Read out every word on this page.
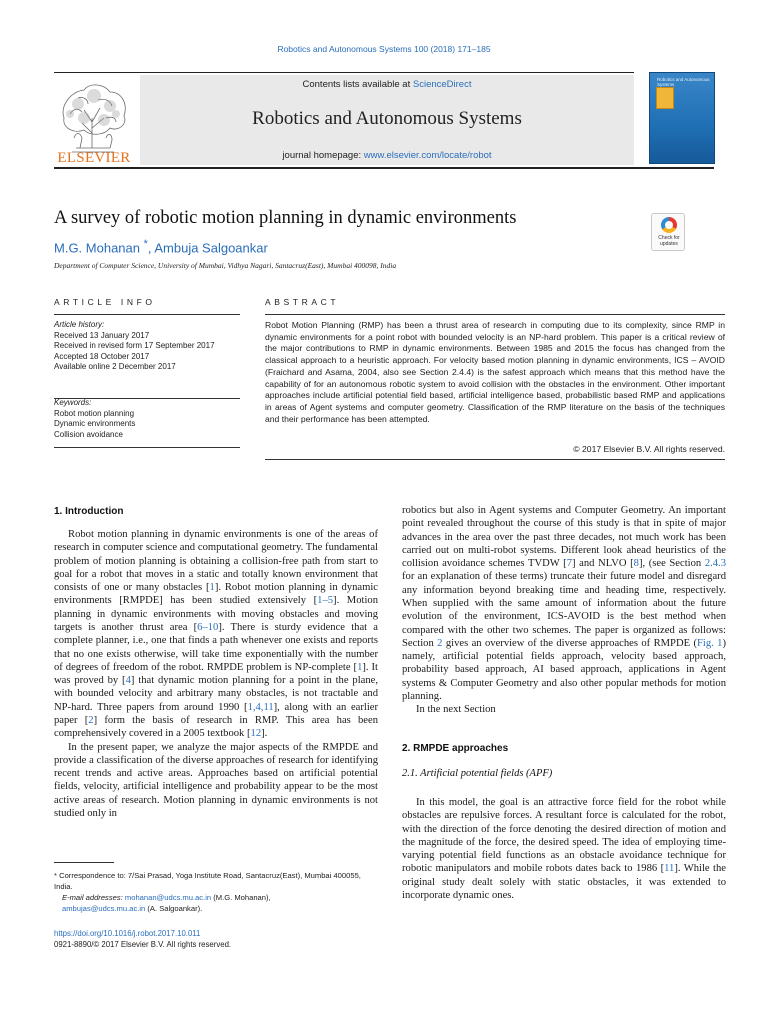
Robotics and Autonomous Systems 100 (2018) 171–185
ELSEVIER
Contents lists available at ScienceDirect
Robotics and Autonomous Systems
journal homepage: www.elsevier.com/locate/robot
Robotics and Autonomous Systems
A survey of robotic motion planning in dynamic environments
M.G. Mohanan *, Ambuja Salgoankar
Department of Computer Science, University of Mumbai, Vidhya Nagari, Santacruz(East), Mumbai 400098, India
Check for updates
ARTICLE INFO	ABSTRACT
Article history:
Received 13 January 2017
Received in revised form 17 September 2017
Accepted 18 October 2017
Available online 2 December 2017
Keywords:
Robot motion planning
Dynamic environments
Collision avoidance
Robot Motion Planning (RMP) has been a thrust area of research in computing due to its complexity, since RMP in dynamic environments for a point robot with bounded velocity is an NP-hard problem. This paper is a critical review of the major contributions to RMP in dynamic environments. Between 1985 and 2015 the focus has changed from the classical approach to a heuristic approach. For velocity based motion planning in dynamic environments, ICS – AVOID (Fraichard and Asama, 2004, also see Section 2.4.4) is the safest approach which means that this method have the capability of for an autonomous robotic system to avoid collision with the obstacles in the environment. Other important approaches include artificial potential field based, artificial intelligence based, probabilistic based RMP and applications in areas of Agent systems and computer geometry. Classification of the RMP literature on the basis of the techniques and their performance has been attempted.
© 2017 Elsevier B.V. All rights reserved.
1. Introduction

Robot motion planning in dynamic environments is one of the areas of research in computer science and computational geometry. The fundamental problem of motion planning is obtaining a collision-free path from start to goal for a robot that moves in a static and totally known environment that consists of one or many obstacles [1]. Robot motion planning in dynamic environments [RMPDE] has been studied extensively [1–5]. Motion planning in dynamic environments with moving obstacles and moving targets is another thrust area [6–10]. There is sturdy evidence that a complete planner, i.e., one that finds a path whenever one exists and reports that no one exists otherwise, will take time exponentially with the number of degrees of freedom of the robot. RMPDE problem is NP-complete [1]. It was proved by [4] that dynamic motion planning for a point in the plane, with bounded velocity and arbitrary many obstacles, is not tractable and NP-hard. Three papers from around 1990 [1,4,11], along with an earlier paper [2] form the basis of research in RMP. This area has been comprehensively covered in a 2005 textbook [12].

In the present paper, we analyze the major aspects of the RMPDE and provide a classification of the diverse approaches of research for identifying recent trends and active areas. Approaches based on artificial potential fields, velocity, artificial intelligence and probability appear to be the most active areas of research. Motion planning in dynamic environments is not studied only in

robotics but also in Agent systems and Computer Geometry. An important point revealed throughout the course of this study is that in spite of major advances in the area over the past three decades, not much work has been carried out on multi-robot systems. Different look ahead heuristics of the collision avoidance schemes TVDW [7] and NLVO [8], (see Section 2.4.3 for an explanation of these terms) truncate their future model and disregard any information beyond breaking time and heading time, respectively. When supplied with the same amount of information about the future evolution of the environment, ICS-AVOID is the best method when compared with the other two schemes. The paper is organized as follows: Section 2 gives an overview of the diverse approaches of RMPDE (Fig. 1) namely, artificial potential fields approach, velocity based approach, probability based approach, AI based approach, applications in Agent systems & Computer Geometry and also other popular methods for motion planning.

In the next Section

2. RMPDE approaches
2.1. Artificial potential fields (APF)

In this model, the goal is an attractive force field for the robot while obstacles are repulsive forces. A resultant force is calculated for the robot, with the direction of the force denoting the desired direction of motion and the magnitude of the force, the desired speed. The idea of employing time-varying potential field functions as an obstacle avoidance technique for robotic manipulators and mobile robots dates back to 1986 [11]. While the original study dealt solely with static obstacles, it was extended to incorporate dynamic ones.

* Correspondence to: 7/Sai Prasad, Yoga Institute Road, Santacruz(East), Mumbai 400055, India.
E-mail addresses: mohanan@udcs.mu.ac.in (M.G. Mohanan),
ambujas@udcs.mu.ac.in (A. Salgoankar).
https://doi.org/10.1016/j.robot.2017.10.011
0921-8890/© 2017 Elsevier B.V. All rights reserved.
